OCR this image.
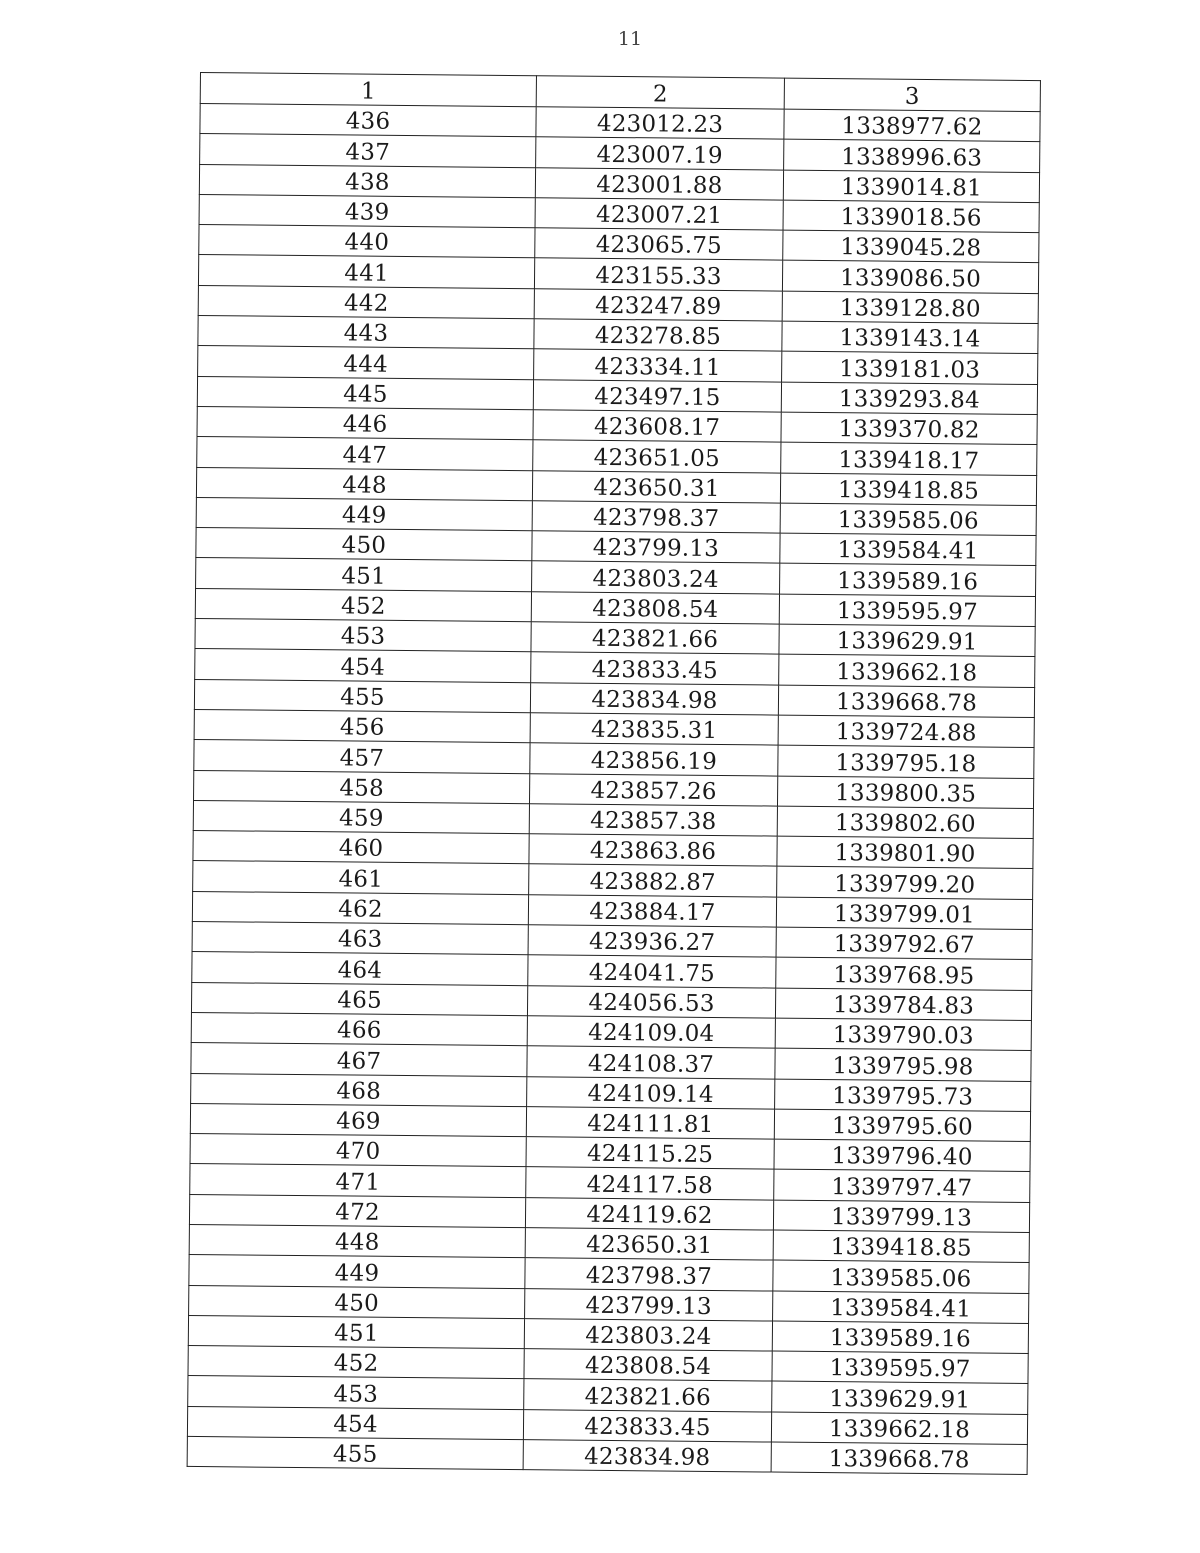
11
1	2	3
436	423012.23	1338977.62
437	423007.19	1338996.63
438	423001.88	1339014.81
439	423007.21	1339018.56
440	423065.75	1339045.28
441	423155.33	1339086.50
442	423247.89	1339128.80
443	423278.85	1339143.14
444	423334.11	1339181.03
445	423497.15	1339293.84
446	423608.17	1339370.82
447	423651.05	1339418.17
448	423650.31	1339418.85
449	423798.37	1339585.06
450	423799.13	1339584.41
451	423803.24	1339589.16
452	423808.54	1339595.97
453	423821.66	1339629.91
454	423833.45	1339662.18
455	423834.98	1339668.78
456	423835.31	1339724.88
457	423856.19	1339795.18
458	423857.26	1339800.35
459	423857.38	1339802.60
460	423863.86	1339801.90
461	423882.87	1339799.20
462	423884.17	1339799.01
463	423936.27	1339792.67
464	424041.75	1339768.95
465	424056.53	1339784.83
466	424109.04	1339790.03
467	424108.37	1339795.98
468	424109.14	1339795.73
469	424111.81	1339795.60
470	424115.25	1339796.40
471	424117.58	1339797.47
472	424119.62	1339799.13
448	423650.31	1339418.85
449	423798.37	1339585.06
450	423799.13	1339584.41
451	423803.24	1339589.16
452	423808.54	1339595.97
453	423821.66	1339629.91
454	423833.45	1339662.18
455	423834.98	1339668.78
